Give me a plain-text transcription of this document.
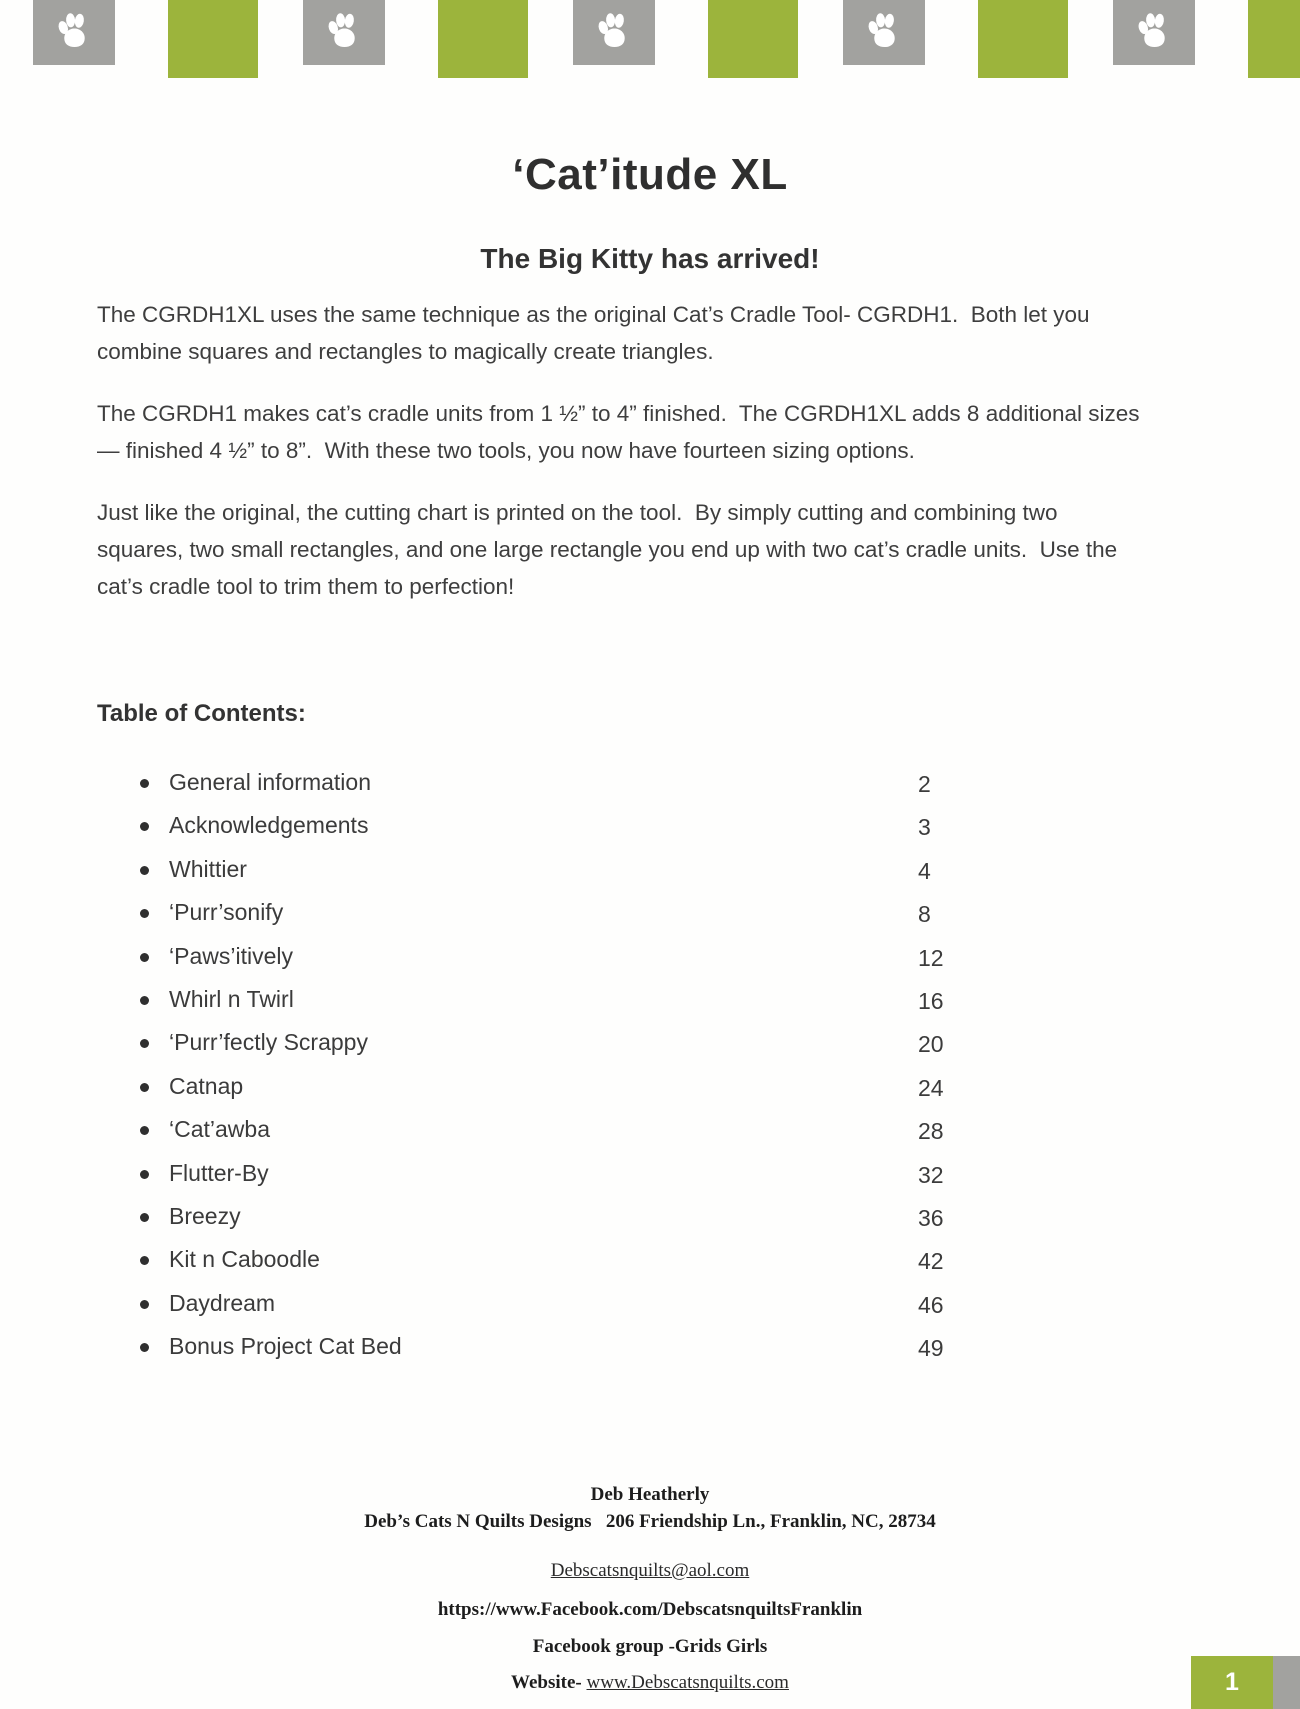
‘Cat’itude XL
The Big Kitty has arrived!

The CGRDH1XL uses the same technique as the original Cat’s Cradle Tool- CGRDH1.  Both let you combine squares and rectangles to magically create triangles.

The CGRDH1 makes cat’s cradle units from 1 ½” to 4” finished.  The CGRDH1XL adds 8 additional sizes— finished 4 ½” to 8”.  With these two tools, you now have fourteen sizing options.

Just like the original, the cutting chart is printed on the tool.  By simply cutting and combining two squares, two small rectangles, and one large rectangle you end up with two cat’s cradle units.  Use the cat’s cradle tool to trim them to perfection!

Table of Contents:
General information	2
Acknowledgements	3
Whittier	4
‘Purr’sonify	8
‘Paws’itively	12
Whirl n Twirl	16
‘Purr’fectly Scrappy	20
Catnap	24
‘Cat’awba	28
Flutter-By	32
Breezy	36
Kit n Caboodle	42
Daydream	46
Bonus Project Cat Bed	49
Deb Heatherly
Deb’s Cats N Quilts Designs   206 Friendship Ln., Franklin, NC, 28734
Debscatsnquilts@aol.com
https://www.Facebook.com/DebscatsnquiltsFranklin
Facebook group -Grids Girls
Website- www.Debscatsnquilts.com	1
